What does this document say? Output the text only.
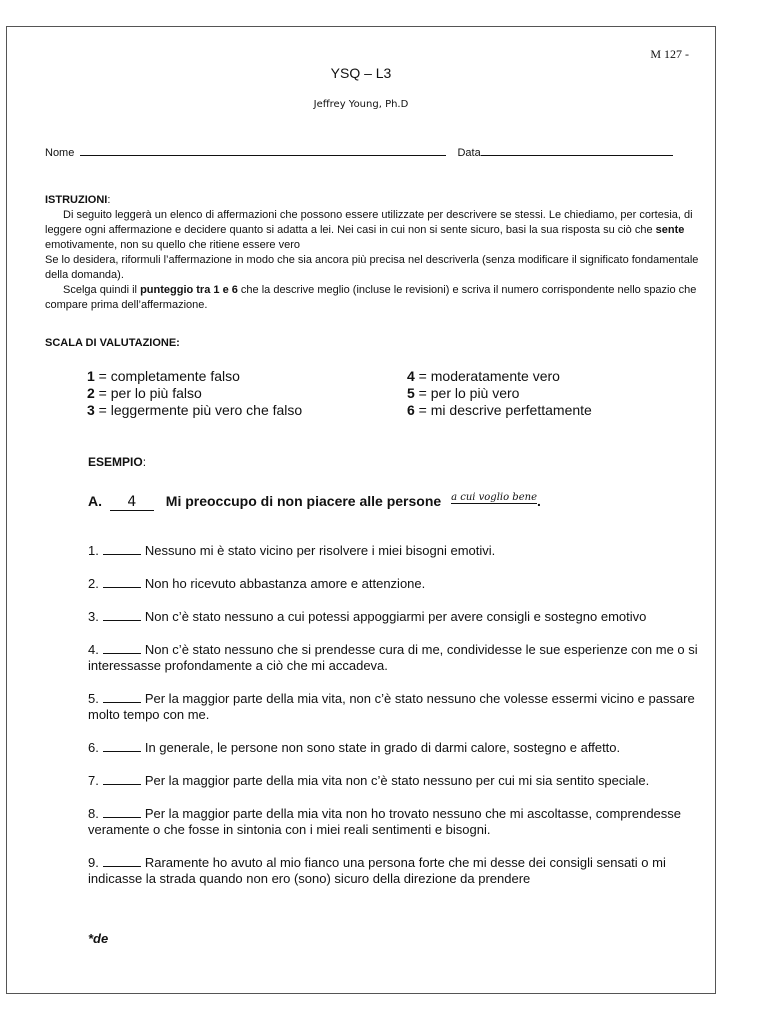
M 127 -
YSQ – L3
Jeffrey Young, Ph.D
Nome	Data
ISTRUZIONI:

Di seguito leggerà un elenco di affermazioni che possono essere utilizzate per descrivere se stessi. Le chiediamo, per cortesia, di leggere ogni affermazione e decidere quanto si adatta a lei. Nei casi in cui non si sente sicuro, basi la sua risposta su ciò che sente emotivamente, non su quello che ritiene essere vero

Se lo desidera, riformuli l’affermazione in modo che sia ancora più precisa nel descriverla (senza modificare il significato fondamentale della domanda).

Scelga quindi il punteggio tra 1 e 6 che la descrive meglio (incluse le revisioni) e scriva il numero corrispondente nello spazio che compare prima dell’affermazione.

SCALA DI VALUTAZIONE:
1 = completamente falso
2 = per lo più falso
3 = leggermente più vero che falso
4 = moderatamente vero
5 = per lo più vero
6 = mi descrive perfettamente
ESEMPIO:
A. 4 Mi preoccupo di non piacere alle persone a cui voglio bene.
1.	Nessuno mi è stato vicino per risolvere i miei bisogni emotivi.
2.	Non ho ricevuto abbastanza amore e attenzione.
3.	Non c’è stato nessuno a cui potessi appoggiarmi per avere consigli e sostegno emotivo
4.	Non c’è stato nessuno che si prendesse cura di me, condividesse le sue esperienze con me o si interessasse profondamente a ciò che mi accadeva.
5.	Per la maggior parte della mia vita, non c’è stato nessuno che volesse essermi vicino e passare molto tempo con me.
6.	In generale, le persone non sono state in grado di darmi calore, sostegno e affetto.
7.	Per la maggior parte della mia vita non c’è stato nessuno per cui mi sia sentito speciale.
8.	Per la maggior parte della mia vita non ho trovato nessuno che mi ascoltasse, comprendesse veramente o che fosse in sintonia con i miei reali sentimenti e bisogni.
9.	Raramente ho avuto al mio fianco una persona forte che mi desse dei consigli sensati o mi indicasse la strada quando non ero (sono) sicuro della direzione da prendere
*de
